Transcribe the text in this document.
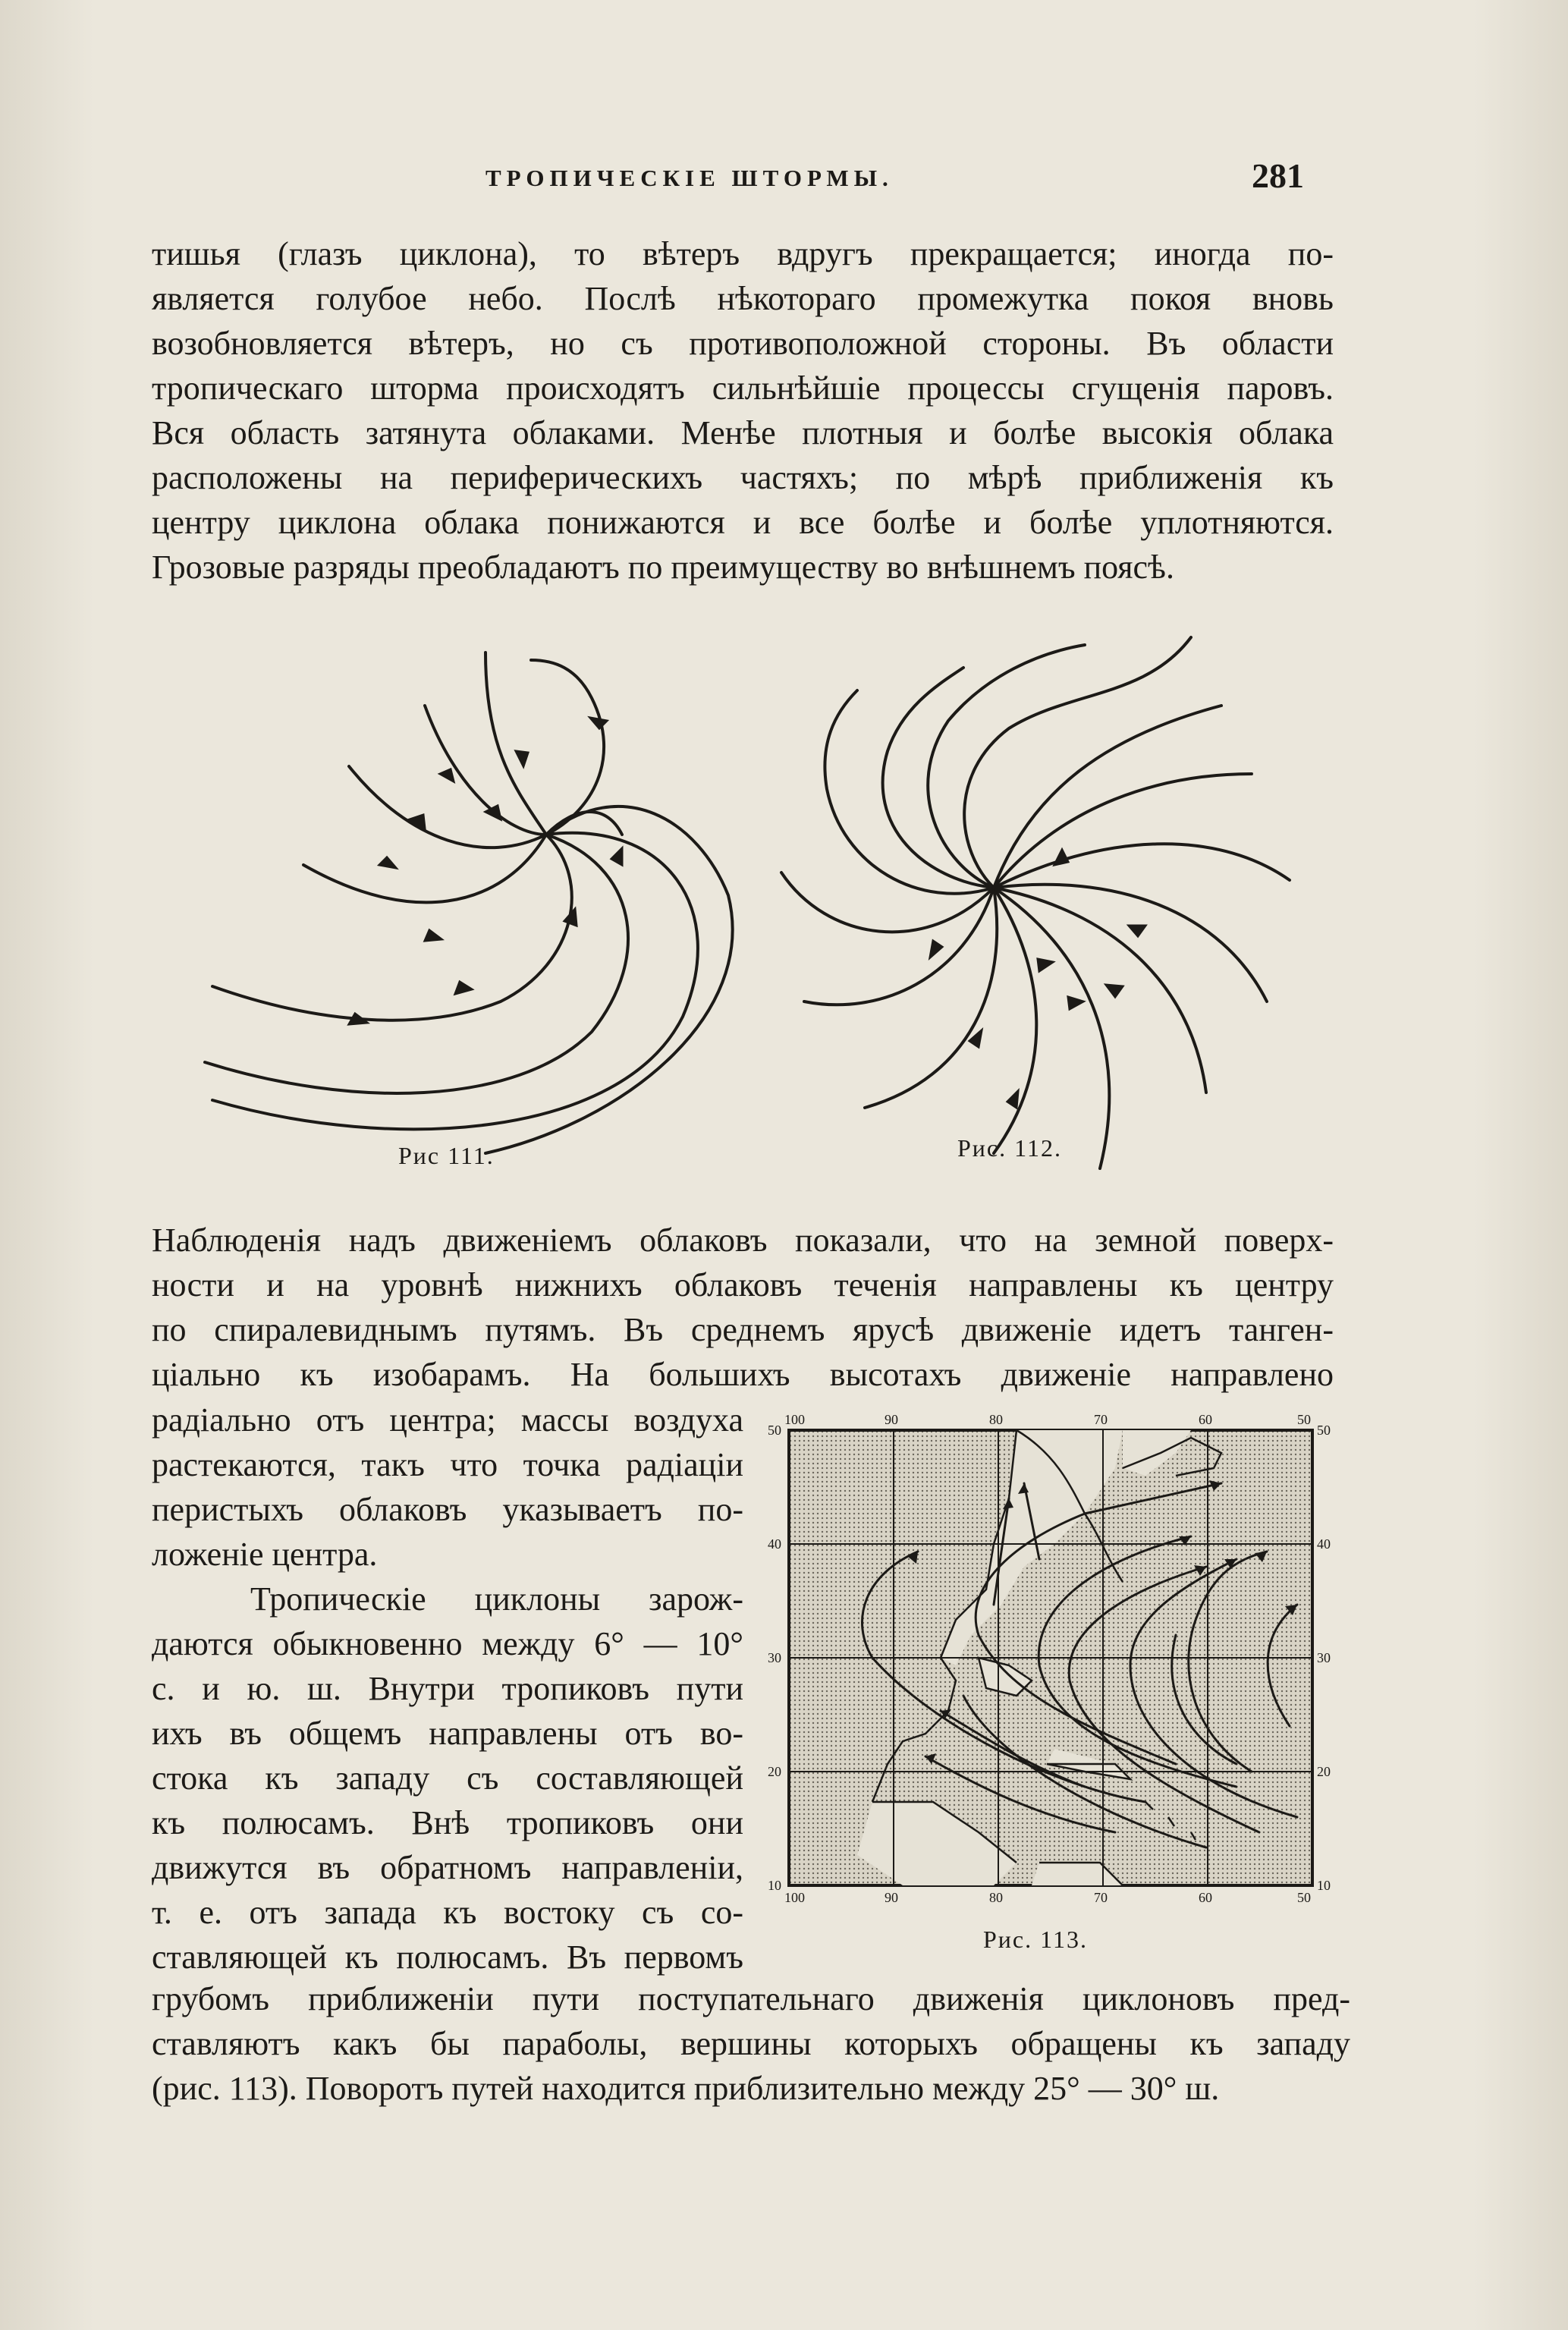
ТРОПИЧЕСКІЕ ШТОРМЫ.	281

тишья (глазъ циклона), то вѣтеръ вдругъ прекращается; иногда по-
является голубое небо. Послѣ нѣкотораго промежутка покоя вновь
возобновляется вѣтеръ, но съ противоположной стороны. Въ области
тропическаго шторма происходятъ сильнѣйшіе процессы сгущенія паровъ.
Вся область затянута облаками. Менѣе плотныя и болѣе высокія облака
расположены на периферическихъ частяхъ; по мѣрѣ приближенія къ
центру циклона облака понижаются и все болѣе и болѣе уплотняются.
Грозовые разряды преобладаютъ по преимуществу во внѣшнемъ поясѣ.

Рис 111.	Рис. 112.

Наблюденія надъ движеніемъ облаковъ показали, что на земной поверх-
ности и на уровнѣ нижнихъ облаковъ теченія направлены къ центру
по спиралевиднымъ путямъ. Въ среднемъ ярусѣ движеніе идетъ танген-
ціально къ изобарамъ. На большихъ высотахъ движеніе направлено

радіально отъ центра; массы воздуха
растекаются, такъ что точка радіаціи
перистыхъ облаковъ указываетъ по-
ложеніе центра.

Тропическіе циклоны зарож-
даются обыкновенно между 6° — 10°
с. и ю. ш. Внутри тропиковъ пути
ихъ въ общемъ направлены отъ во-
стока къ западу съ составляющей
къ полюсамъ. Внѣ тропиковъ они
движутся въ обратномъ направленіи,
т. е. отъ запада къ востоку съ со-
ставляющей къ полюсамъ. Въ первомъ

100	90	80	70	60	50
100	90	80	70	60	50
50
40
30
20
10
50
40
30
20
10
Рис. 113.

грубомъ приближеніи пути поступательнаго движенія циклоновъ пред-
ставляютъ какъ бы параболы, вершины которыхъ обращены къ западу
(рис. 113). Поворотъ путей находится приблизительно между 25° — 30° ш.
